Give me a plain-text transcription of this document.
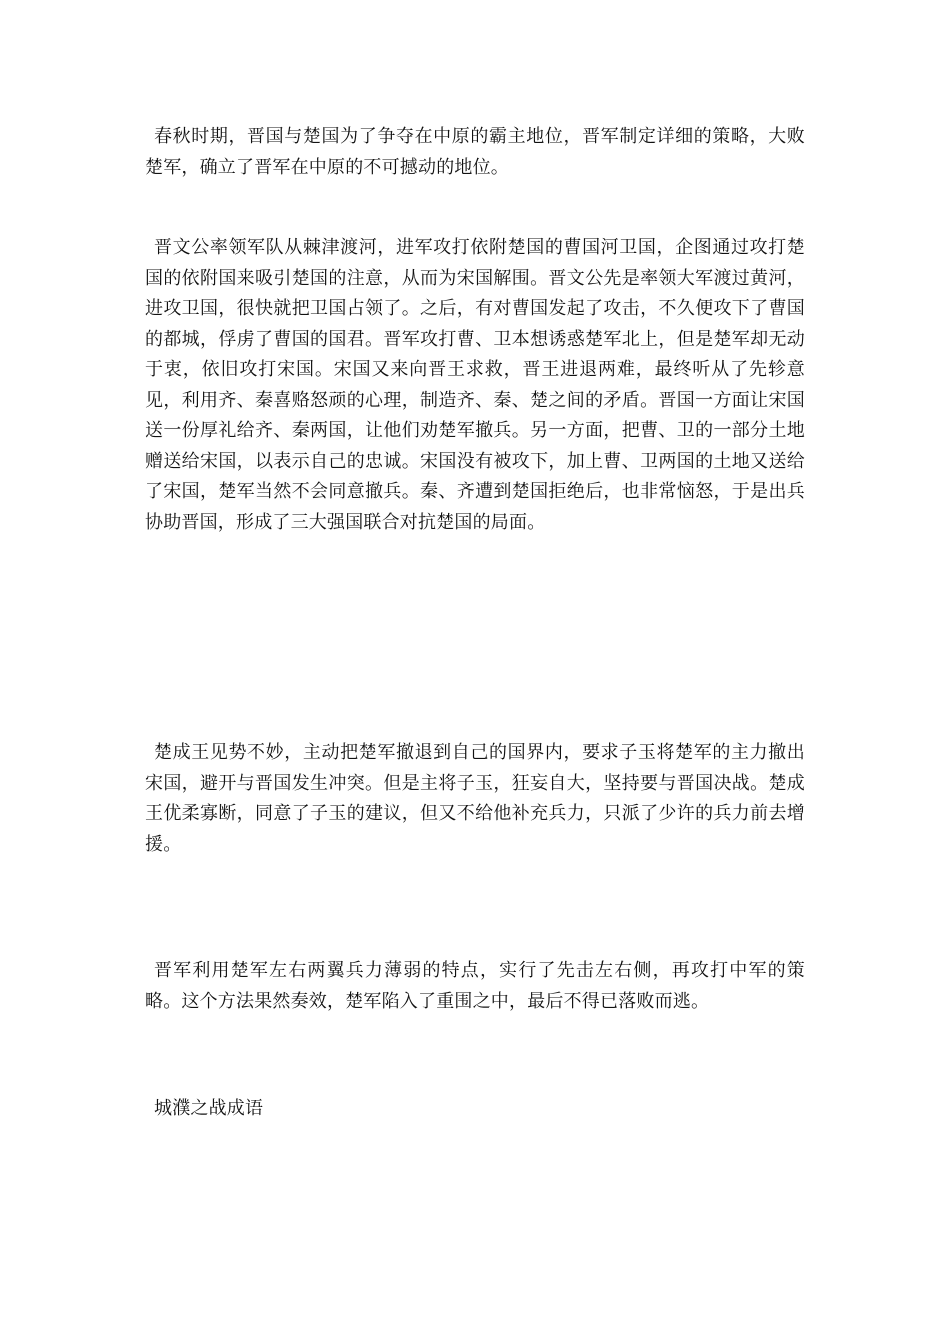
春秋时期，晋国与楚国为了争夺在中原的霸主地位，晋军制定详细的策略，大败楚军，确立了晋军在中原的不可撼动的地位。

晋文公率领军队从棘津渡河，进军攻打依附楚国的曹国河卫国，企图通过攻打楚国的依附国来吸引楚国的注意，从而为宋国解围。晋文公先是率领大军渡过黄河，进攻卫国，很快就把卫国占领了。之后，有对曹国发起了攻击，不久便攻下了曹国的都城，俘虏了曹国的国君。晋军攻打曹、卫本想诱惑楚军北上，但是楚军却无动于衷，依旧攻打宋国。宋国又来向晋王求救，晋王进退两难，最终听从了先轸意见，利用齐、秦喜赂怒顽的心理，制造齐、秦、楚之间的矛盾。晋国一方面让宋国送一份厚礼给齐、秦两国，让他们劝楚军撤兵。另一方面，把曹、卫的一部分土地赠送给宋国，以表示自己的忠诚。宋国没有被攻下，加上曹、卫两国的土地又送给了宋国，楚军当然不会同意撤兵。秦、齐遭到楚国拒绝后，也非常恼怒，于是出兵协助晋国，形成了三大强国联合对抗楚国的局面。

楚成王见势不妙，主动把楚军撤退到自己的国界内，要求子玉将楚军的主力撤出宋国，避开与晋国发生冲突。但是主将子玉，狂妄自大，坚持要与晋国决战。楚成王优柔寡断，同意了子玉的建议，但又不给他补充兵力，只派了少许的兵力前去增援。

晋军利用楚军左右两翼兵力薄弱的特点，实行了先击左右侧，再攻打中军的策略。这个方法果然奏效，楚军陷入了重围之中，最后不得已落败而逃。

城濮之战成语
